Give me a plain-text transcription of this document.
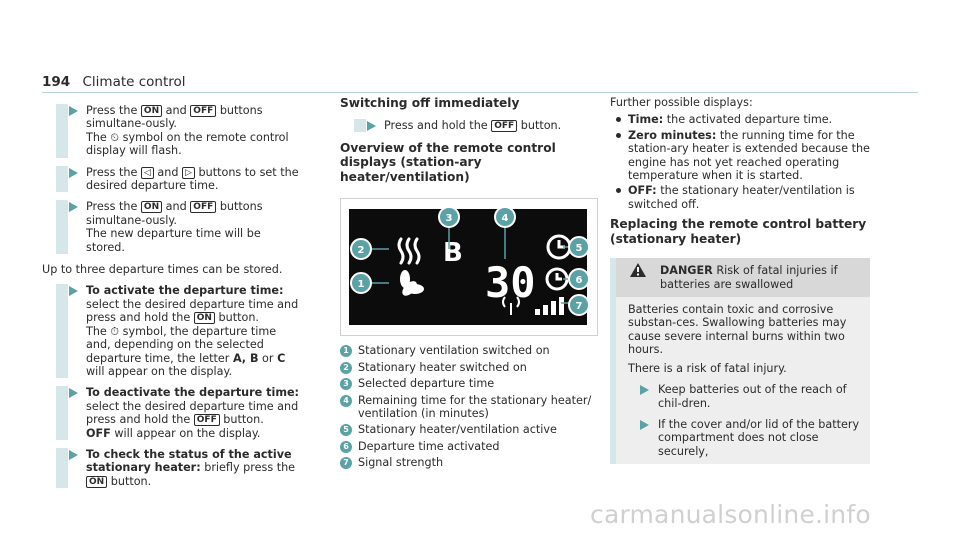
194 Climate control

Press the ON and OFF buttons simultane‐ously.

The ⏲ symbol on the remote control display will flash.

Press the ◁ and ▷ buttons to set the desired departure time.

Press the ON and OFF buttons simultane‐ously.

The new departure time will be stored.

Up to three departure times can be stored.

To activate the departure time: select the desired departure time and press and hold the ON button.

The ⏱ symbol, the departure time and, depending on the selected departure time, the letter A, B or C will appear on the display.

To deactivate the departure time: select the desired departure time and press and hold the OFF button.

OFF will appear on the display.

To check the status of the active stationary heater: briefly press the ON button.

Switching off immediately

Press and hold the OFF button.

Overview of the remote control displays (station‐ary heater/ventilation)
B
30
1
2
3	4
5
6
7
1 Stationary ventilation switched on
2 Stationary heater switched on
3 Selected departure time
4 Remaining time for the stationary heater/ ventilation (in minutes)
5 Stationary heater/ventilation active
6 Departure time activated
7 Signal strength

Further possible displays:

Time: the activated departure time.
Zero minutes: the running time for the station‐ary heater is extended because the engine has not yet reached operating temperature when it is started.
OFF: the stationary heater/ventilation is switched off.
Replacing the remote control battery (stationary heater)
DANGER Risk of fatal injuries if batteries are swallowed

Batteries contain toxic and corrosive substan‐ces. Swallowing batteries may cause severe internal burns within two hours.

There is a risk of fatal injury.

Keep batteries out of the reach of chil‐dren.

If the cover and/or lid of the battery compartment does not close securely,

carmanualsonline.info
